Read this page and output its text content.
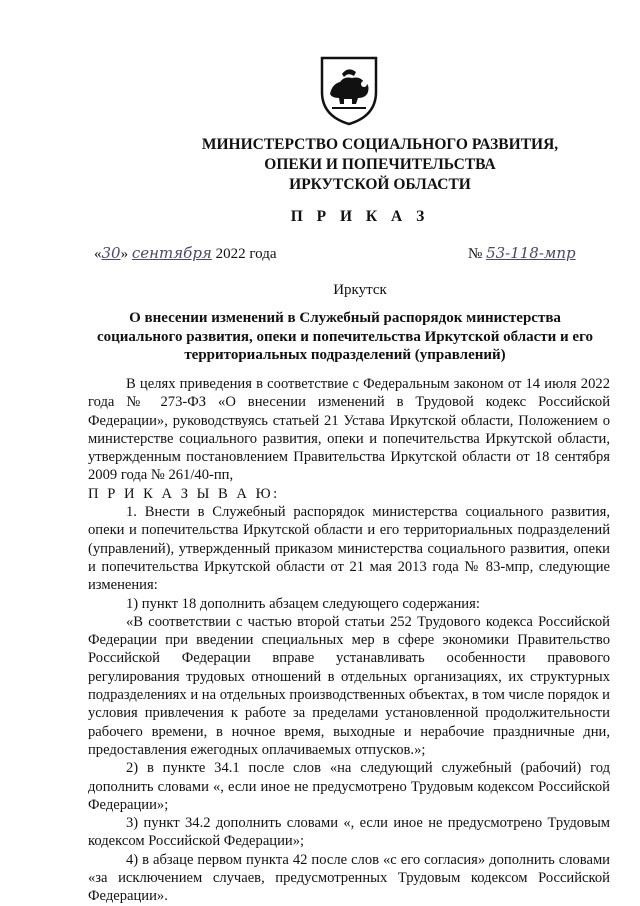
МИНИСТЕРСТВО СОЦИАЛЬНОГО РАЗВИТИЯ,
ОПЕКИ И ПОПЕЧИТЕЛЬСТВА
ИРКУТСКОЙ ОБЛАСТИ
П Р И К А З
«30» сентября 2022 года	№ 53-118-мпр
Иркутск
О внесении изменений в Служебный распорядок министерства
социального развития, опеки и попечительства Иркутской области и его
территориальных подразделений (управлений)

В целях приведения в соответствие с Федеральным законом от 14 июля 2022 года № 273-ФЗ «О внесении изменений в Трудовой кодекс Российской Федерации», руководствуясь статьей 21 Устава Иркутской области, Положением о министерстве социального развития, опеки и попечительства Иркутской области, утвержденным постановлением Правительства Иркутской области от 18 сентября 2009 года № 261/40-пп,

П Р И К А З Ы В А Ю:

1. Внести в Служебный распорядок министерства социального развития, опеки и попечительства Иркутской области и его территориальных подразделений (управлений), утвержденный приказом министерства социального развития, опеки и попечительства Иркутской области от 21 мая 2013 года № 83-мпр, следующие изменения:

1) пункт 18 дополнить абзацем следующего содержания:

«В соответствии с частью второй статьи 252 Трудового кодекса Российской Федерации при введении специальных мер в сфере экономики Правительство Российской Федерации вправе устанавливать особенности правового регулирования трудовых отношений в отдельных организациях, их структурных подразделениях и на отдельных производственных объектах, в том числе порядок и условия привлечения к работе за пределами установленной продолжительности рабочего времени, в ночное время, выходные и нерабочие праздничные дни, предоставления ежегодных оплачиваемых отпусков.»;

2) в пункте 34.1 после слов «на следующий служебный (рабочий) год дополнить словами «, если иное не предусмотрено Трудовым кодексом Российской Федерации»;

3) пункт 34.2 дополнить словами «, если иное не предусмотрено Трудовым кодексом Российской Федерации»;

4) в абзаце первом пункта 42 после слов «с его согласия» дополнить словами «за исключением случаев, предусмотренных Трудовым кодексом Российской Федерации».
